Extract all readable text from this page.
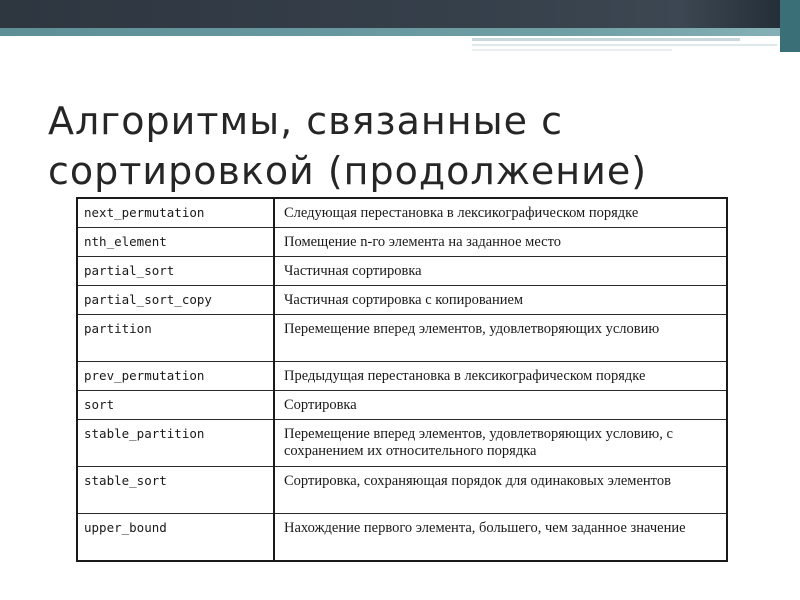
Алгоритмы, связанные с
сортировкой (продолжение)
next_permutation	Следующая перестановка в лексикографическом порядке
nth_element	Помещение n-го элемента на заданное место
partial_sort	Частичная сортировка
partial_sort_copy	Частичная сортировка с копированием
partition	Перемещение вперед элементов, удовлетворяющих условию
prev_permutation	Предыдущая перестановка в лексикографическом порядке
sort	Сортировка
stable_partition	Перемещение вперед элементов, удовлетворяющих условию, с сохранением их относительного порядка
stable_sort	Сортировка, сохраняющая порядок для одинаковых элементов
upper_bound	Нахождение первого элемента, большего, чем заданное значение
